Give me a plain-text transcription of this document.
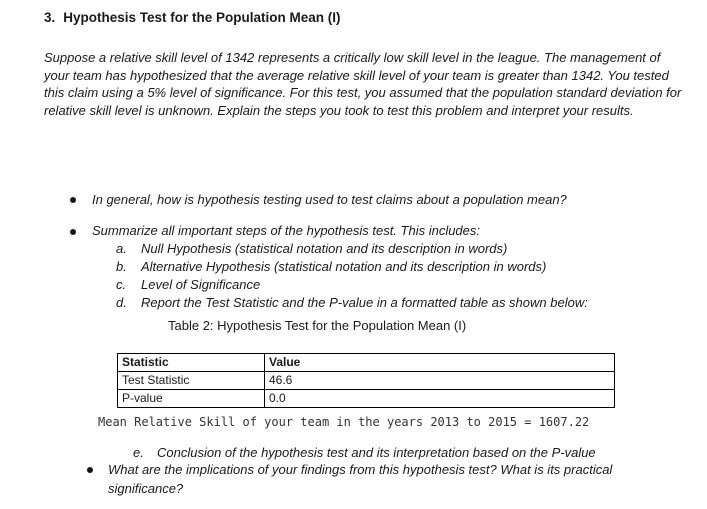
3. Hypothesis Test for the Population Mean (I)
Suppose a relative skill level of 1342 represents a critically low skill level in the league. The management of your team has hypothesized that the average relative skill level of your team is greater than 1342. You tested this claim using a 5% level of significance. For this test, you assumed that the population standard deviation for relative skill level is unknown. Explain the steps you took to test this problem and interpret your results.
In general, how is hypothesis testing used to test claims about a population mean?
Summarize all important steps of the hypothesis test. This includes:
a. Null Hypothesis (statistical notation and its description in words)
b. Alternative Hypothesis (statistical notation and its description in words)
c. Level of Significance
d. Report the Test Statistic and the P-value in a formatted table as shown below:
Table 2: Hypothesis Test for the Population Mean (I)
Statistic	Value
Test Statistic	46.6
P-value	0.0
Mean Relative Skill of your team in the years 2013 to 2015 = 1607.22
e. Conclusion of the hypothesis test and its interpretation based on the P-value
What are the implications of your findings from this hypothesis test? What is its practical
significance?
